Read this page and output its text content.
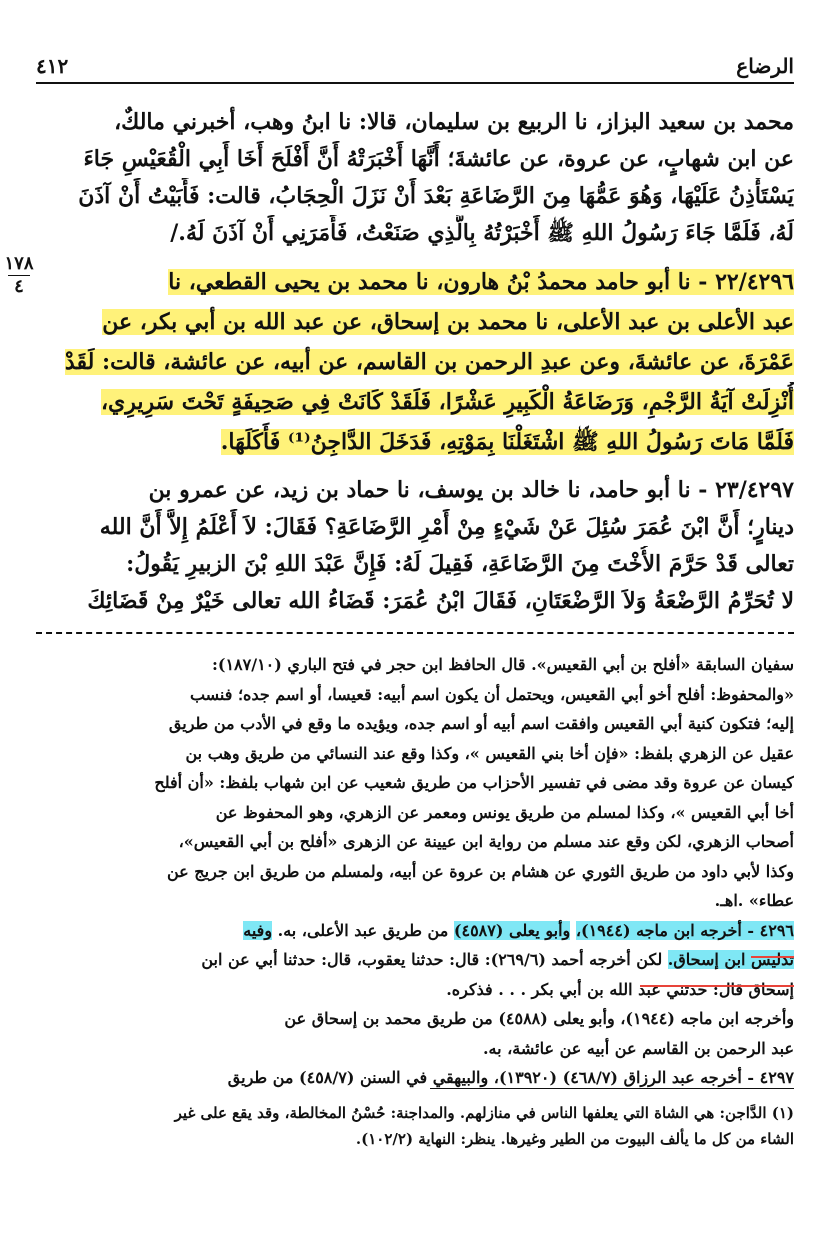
٤١٢	الرضاع
١٧٨
٤
محمد بن سعيد البزاز، نا الربيع بن سليمان، قالا: نا ابنُ وهب، أخبرني مالكٌ،
عن ابن شهابٍ، عن عروة، عن عائشةَ؛ أَنَّهَا أَخْبَرَتْهُ أَنَّ أَفْلَحَ أَخَا أَبِي الْقُعَيْسِ جَاءَ
يَسْتَأْذِنُ عَلَيْهَا، وَهُوَ عَمُّهَا مِنَ الرَّضَاعَةِ بَعْدَ أَنْ نَزَلَ الْحِجَابُ، قالت: فَأَبَيْتُ أَنْ آذَنَ
لَهُ، فَلَمَّا جَاءَ رَسُولُ اللهِ ﷺ أَخْبَرْتُهُ بِالَّذِي صَنَعْتُ، فَأَمَرَنِي أَنْ آذَنَ لَهُ./
٢٢/٤٢٩٦ - نا أبو حامد محمدُ بْنُ هارون، نا محمد بن يحيى القطعي، نا
عبد الأعلى بن عبد الأعلى، نا محمد بن إسحاق، عن عبد الله بن أبي بكر، عن
عَمْرَةَ، عن عائشةَ، وعن عبدِ الرحمن بن القاسم، عن أبيه، عن عائشة، قالت: لَقَدْ
أُنْزِلَتْ آيَةُ الرَّجْمِ، وَرَضَاعَةُ الْكَبِيرِ عَشْرًا، فَلَقَدْ كَانَتْ فِي صَحِيفَةٍ تَحْتَ سَرِيرِي،
فَلَمَّا مَاتَ رَسُولُ اللهِ ﷺ اشْتَغَلْنَا بِمَوْتِهِ، فَدَخَلَ الدَّاجِنُ⁽¹⁾ فَأَكَلَهَا.
٢٣/٤٢٩٧ - نا أبو حامد، نا خالد بن يوسف، نا حماد بن زيد، عن عمرو بن
دينارٍ؛ أَنَّ ابْنَ عُمَرَ سُئِلَ عَنْ شَيْءٍ مِنْ أَمْرِ الرَّضَاعَةِ؟ فَقَالَ: لاَ أَعْلَمُ إِلاَّ أَنَّ الله
تعالى قَدْ حَرَّمَ الأُخْتَ مِنَ الرَّضَاعَةِ، فَقِيلَ لَهُ: فَإِنَّ عَبْدَ اللهِ بْنَ الزبيرِ يَقُولُ:
لا تُحَرِّمُ الرَّضْعَةُ وَلاَ الرَّضْعَتَانِ، فَقَالَ ابْنُ عُمَرَ: قَضَاءُ الله تعالى خَيْرٌ مِنْ قَضَائِكَ
سفيان السابقة «أفلح بن أبي القعيس». قال الحافظ ابن حجر في فتح الباري (١٨٧/١٠):
«والمحفوظ: أفلح أخو أبي القعيس، ويحتمل أن يكون اسم أبيه: قعيسا، أو اسم جده؛ فنسب
إليه؛ فتكون كنية أبي القعيس وافقت اسم أبيه أو اسم جده، ويؤيده ما وقع في الأدب من طريق
عقيل عن الزهري بلفظ: «فإن أخا بني القعيس »، وكذا وقع عند النسائي من طريق وهب بن
كيسان عن عروة وقد مضى في تفسير الأحزاب من طريق شعيب عن ابن شهاب بلفظ: «أن أفلح
أخا أبي القعيس »، وكذا لمسلم من طريق يونس ومعمر عن الزهري، وهو المحفوظ عن
أصحاب الزهري، لكن وقع عند مسلم من رواية ابن عيينة عن الزهرى «أفلح بن أبي القعيس»،
وكذا لأبي داود من طريق الثوري عن هشام بن عروة عن أبيه، ولمسلم من طريق ابن جريج عن
عطاء» .اهـ.
٤٢٩٦ - أخرجه ابن ماجه (١٩٤٤)، وأبو يعلى (٤٥٨٧) من طريق عبد الأعلى، به. وفيه
تدليس ابن إسحاق. لكن أخرجه أحمد (٢٦٩/٦): قال: حدثنا يعقوب، قال: حدثنا أبي عن ابن
إسحاق قال: حدثني عبد الله بن أبي بكر . . . فذكره.
وأخرجه ابن ماجه (١٩٤٤)، وأبو يعلى (٤٥٨٨) من طريق محمد بن إسحاق عن
عبد الرحمن بن القاسم عن أبيه عن عائشة، به.
٤٢٩٧ - أخرجه عبد الرزاق (٤٦٨/٧) (١٣٩٢٠)، والبيهقي في السنن (٤٥٨/٧) من طريق
(١) الدَّاجن: هي الشاة التي يعلفها الناس في منازلهم. والمداجنة: حُسْنُ المخالطة، وقد يقع على غير
الشاء من كل ما يألف البيوت من الطير وغيرها. ينظر: النهاية (١٠٢/٢).
